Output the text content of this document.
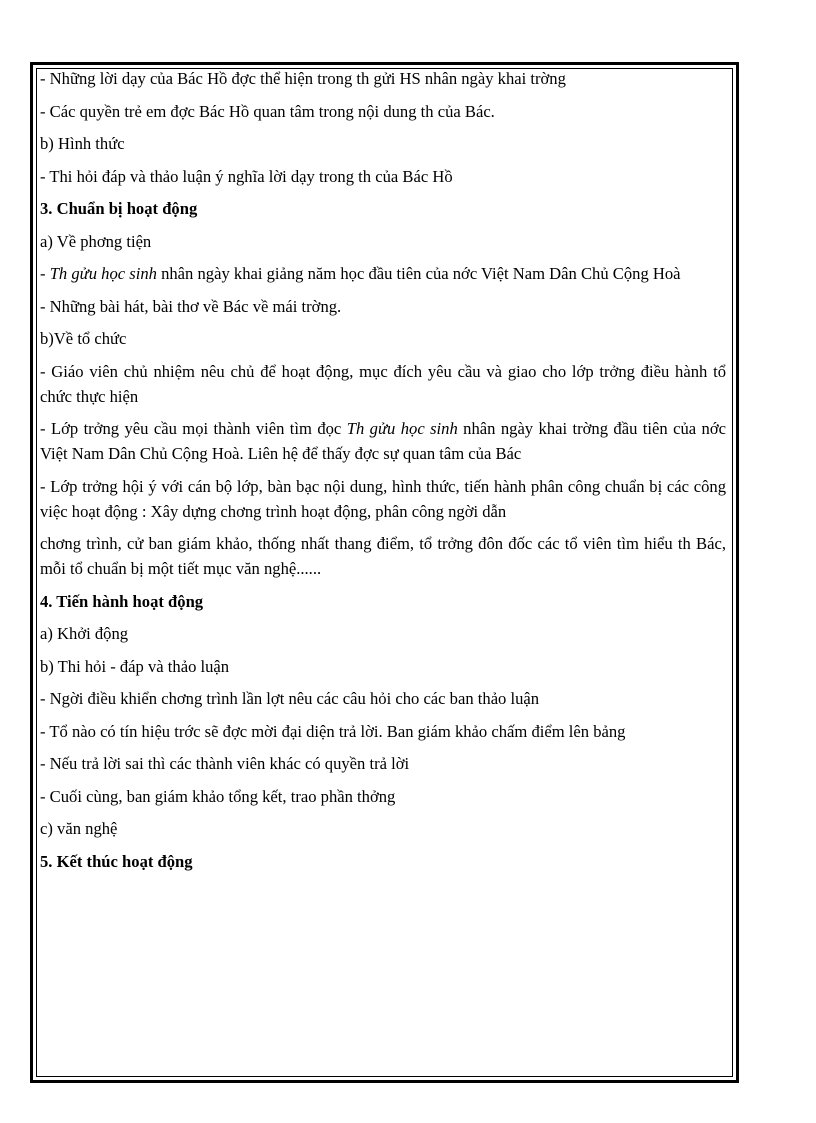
- Những lời dạy của Bác Hồ đợc thể hiện trong th gửi HS nhân ngày khai trờng

- Các quyền trẻ em đợc Bác Hồ quan tâm trong nội dung th của Bác.

b) Hình thức

- Thi hỏi đáp và thảo luận ý nghĩa lời dạy trong th của Bác Hồ

3. Chuẩn bị hoạt động

a) Về phơng tiện

- Th gửu học sinh nhân ngày khai giảng năm học đầu tiên của nớc Việt Nam Dân Chủ Cộng Hoà

- Những bài hát, bài thơ về Bác về mái trờng.

b)Về tổ chức

- Giáo viên chủ nhiệm nêu chủ để hoạt động, mục đích yêu cầu và giao cho lớp trởng điều hành tổ chức thực hiện

- Lớp trởng yêu cầu mọi thành viên tìm đọc Th gửu học sinh nhân ngày khai trờng đầu tiên của nớc Việt Nam Dân Chủ Cộng Hoà. Liên hệ để thấy đợc sự quan tâm của Bác

- Lớp trởng hội ý với cán bộ lớp, bàn bạc nội dung, hình thức, tiến hành phân công chuẩn bị các công việc hoạt động : Xây dựng chơng trình hoạt động, phân công ngời dẫn

chơng trình, cử ban giám khảo, thống nhất thang điểm, tổ trởng đôn đốc các tổ viên tìm hiểu th Bác, mỗi tổ chuẩn bị một tiết mục văn nghệ......

4. Tiến hành hoạt động

a) Khởi động

b) Thi hỏi - đáp và thảo luận

- Ngời điều khiển chơng trình lần lợt nêu các câu hỏi cho các ban thảo luận

- Tổ nào có tín hiệu trớc sẽ đợc mời đại diện trả lời. Ban giám khảo chấm điểm lên bảng

- Nếu trả lời sai thì các thành viên khác có quyền trả lời

- Cuối cùng, ban giám khảo tổng kết, trao phần thởng

c) văn nghệ

5. Kết thúc hoạt động
